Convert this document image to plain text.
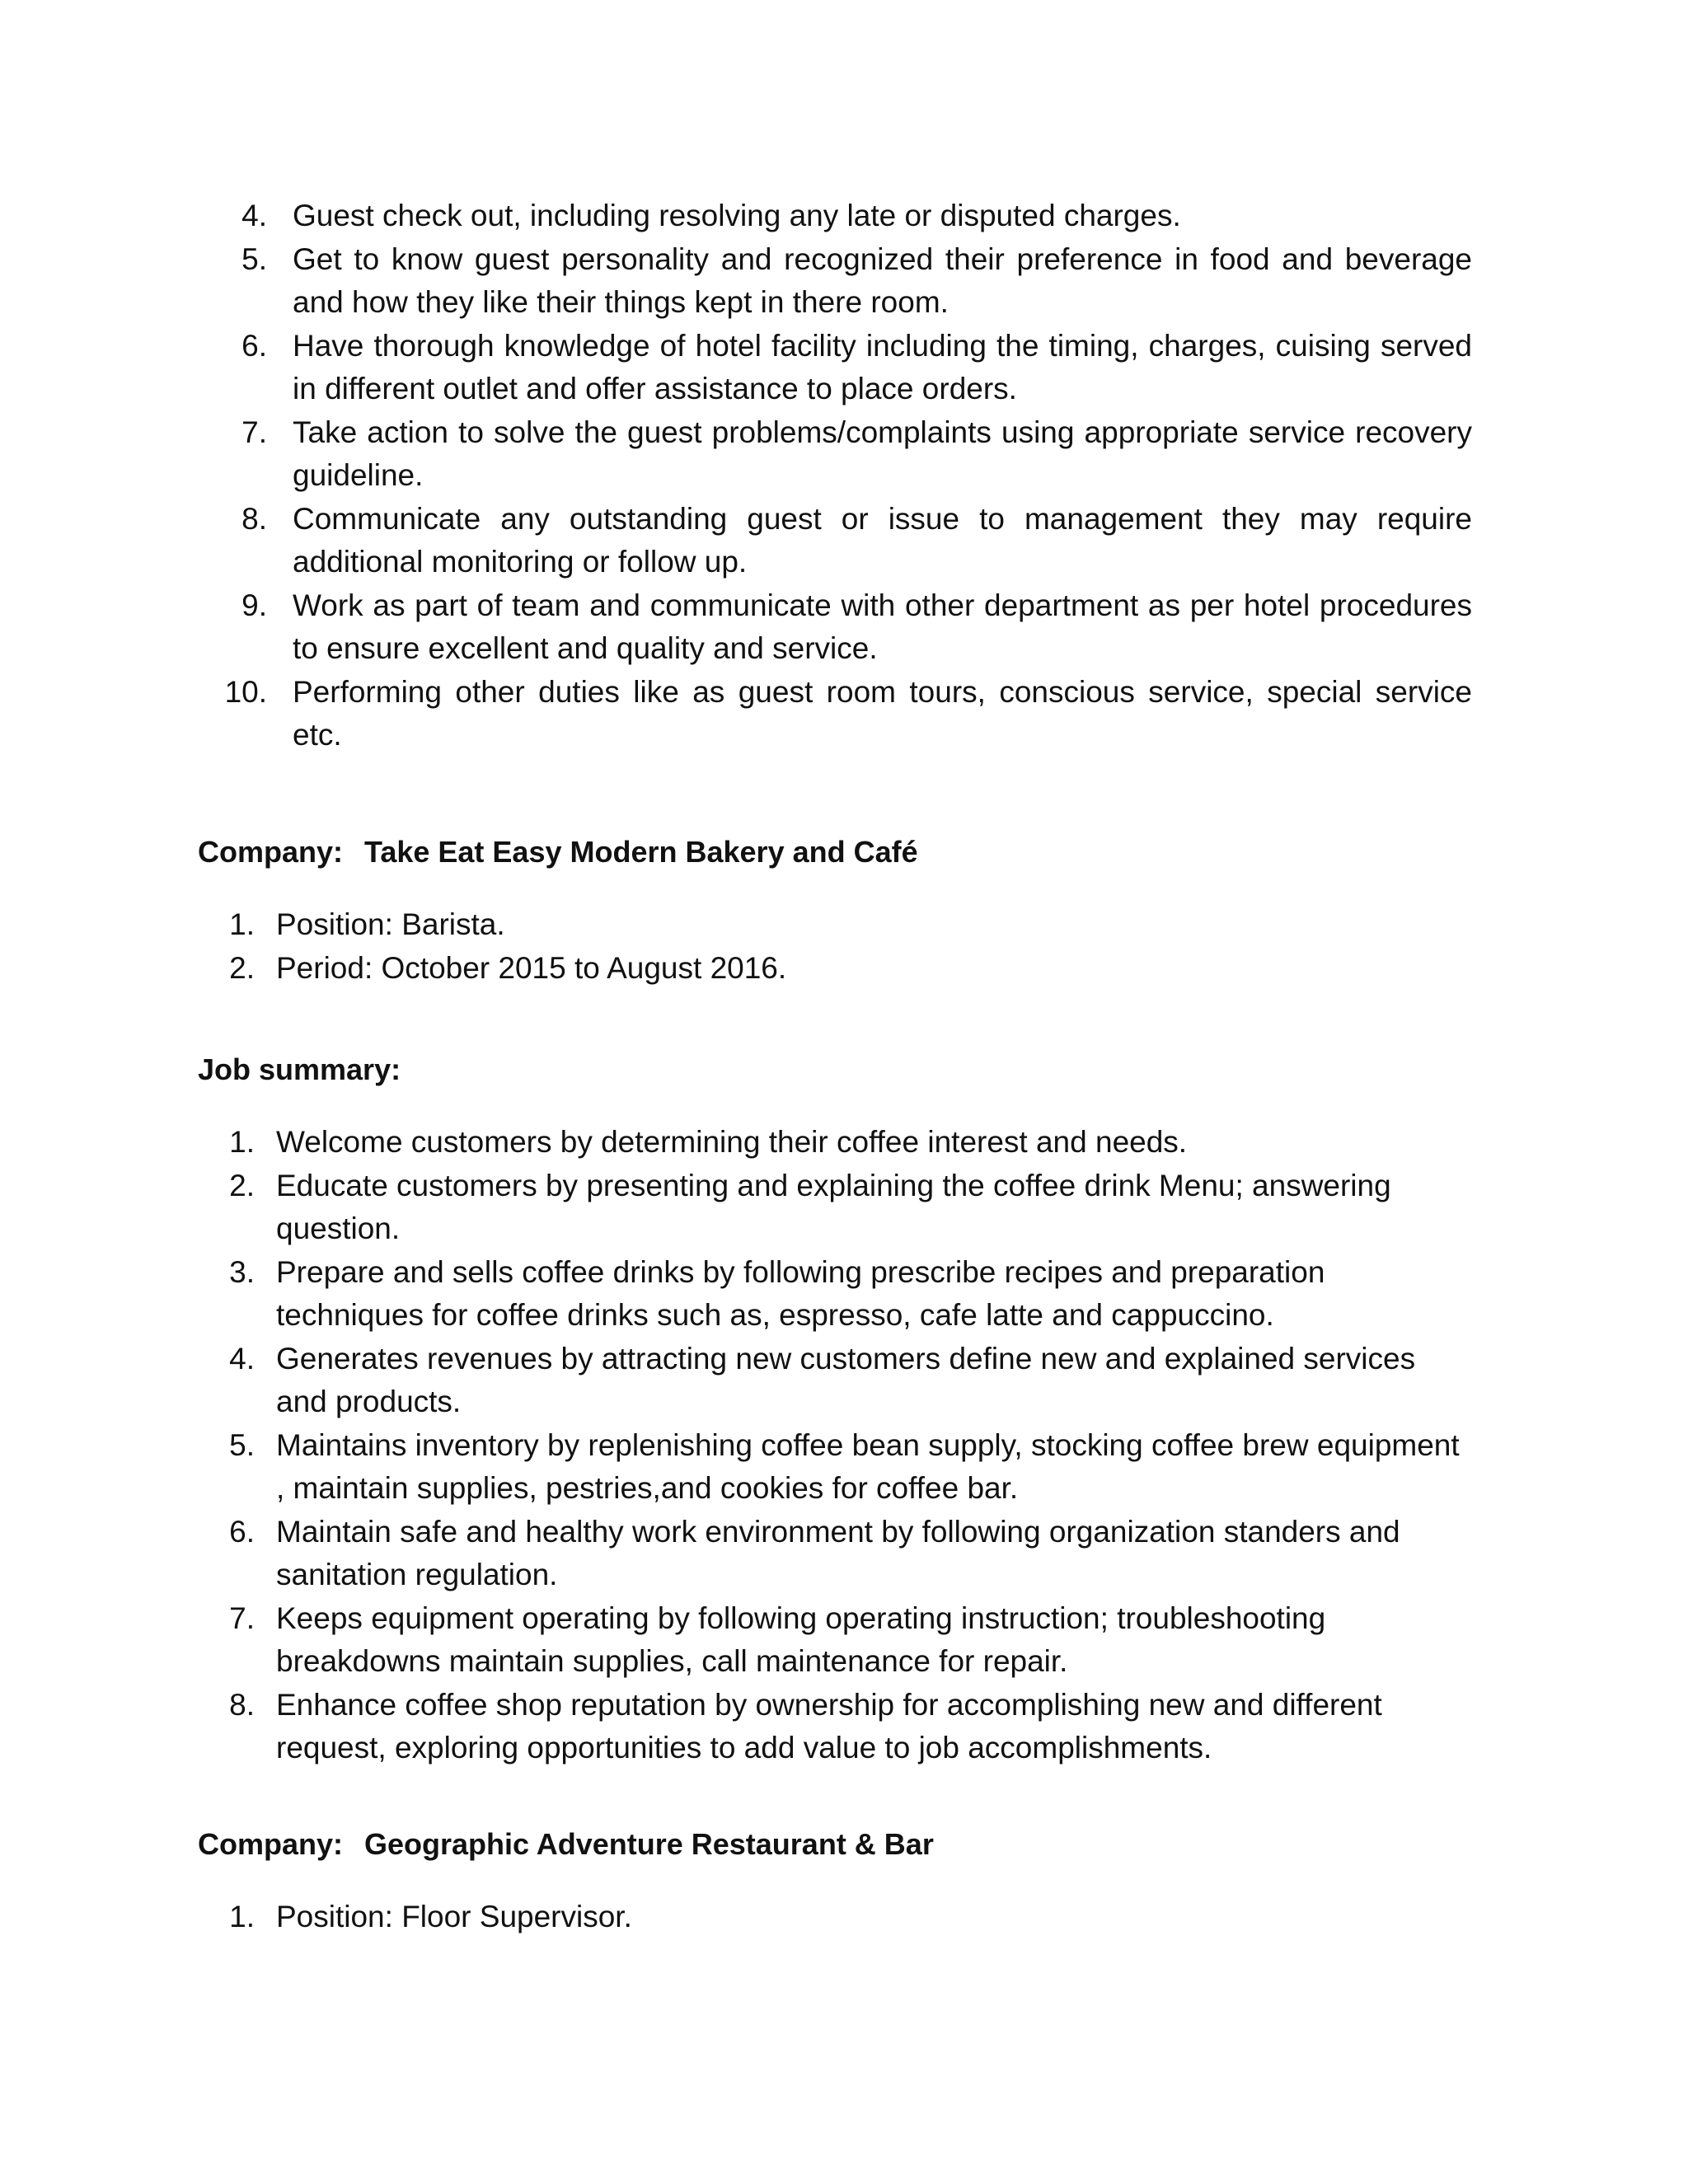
4. Guest check out, including resolving any late or disputed charges.
5. Get to know guest personality and recognized their preference in food and beverage and how they like their things kept in there room.
6. Have thorough knowledge of hotel facility including the timing, charges, cuising served in different outlet and offer assistance to place orders.
7. Take action to solve the guest problems/complaints using appropriate service recovery guideline.
8. Communicate any outstanding guest or issue to management they may require additional monitoring or follow up.
9. Work as part of team and communicate with other department as per hotel procedures to ensure excellent and quality and service.
10. Performing other duties like as guest room tours, conscious service, special service etc.
Company: Take Eat Easy Modern Bakery and Café
1. Position: Barista.
2. Period: October 2015 to August 2016.
Job summary:
1. Welcome customers by determining their coffee interest and needs.
2. Educate customers by presenting and explaining the coffee drink Menu; answering question.
3. Prepare and sells coffee drinks by following prescribe recipes and preparation techniques for coffee drinks such as, espresso, cafe latte and cappuccino.
4. Generates revenues by attracting new customers define new and explained services and products.
5. Maintains inventory by replenishing coffee bean supply, stocking coffee brew equipment , maintain supplies, pestries,and cookies for coffee bar.
6. Maintain safe and healthy work environment by following organization standers and sanitation regulation.
7. Keeps equipment operating by following operating instruction; troubleshooting breakdowns maintain supplies, call maintenance for repair.
8. Enhance coffee shop reputation by ownership for accomplishing new and different request, exploring opportunities to add value to job accomplishments.
Company: Geographic Adventure Restaurant & Bar
1. Position: Floor Supervisor.
